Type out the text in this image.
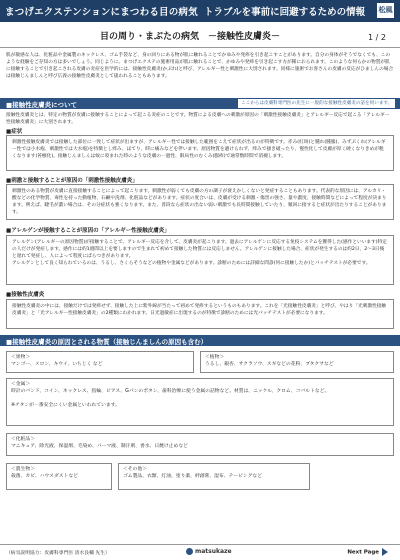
まつげエクステンションにまつわる目の病気 トラブルを事前に回避するための情報 松風
目の周り・まぶたの病気　－接触性皮膚炎－	1 / 2
肌が敏感な人は、化粧品や金属製のネックレス、ゴム手袋など、身の回りにある物が肌に触れることでかゆみや発疹を引き起こすことがあります。自分の身体がそうでなくても、このような経験をご存知の方は多いでしょう。同じように、まつげエクステの施術用品が肌に触れることで、かゆみや発疹を引き起こす方が稀におられます。このような何らかの物質が肌に接触することで引き起こされる皮膚の炎症を医学的には、接触性皮膚炎(かぶれ)と呼び、アレルギー性と刺激性に大別されます。同様に施術でお客さんの皮膚の反応がひましんの場合は接触じんましんと呼び広義の接触性皮膚炎として扱われることもあります。
■接触性皮膚炎について	ここからは皮膚科専門医の先生に一般的な接触性皮膚炎の話を伺います。
接触性皮膚炎とは、特定の物質が皮膚に接触することによって起こる炎症のことです。物質による皮膚への刺激が原因の「刺激性接触皮膚炎」とアレルギー反応で起こる「アレルギー性接触皮膚炎」に大別されます。
■症状
刺激性接触皮膚炎では接触した部位に一致して症状が出ますが、アレルギー性では接触した範囲をこえて症状が出るのが特徴です。赤み(紅斑)と腫れ(腫脹)、みずぶくれ(アレルギー性では小水疱、刺激性では大水疱)を特徴とし痒み、ほてり、時に痛みなどを伴います。原因物質を避けられず、痒みで掻き破ったり、慢性化して皮膚が厚く硬くなりきめが粗くなります(苔癬化)。接触じんましんは蚊に咬まれた時のような皮膚の一過性、限局性のむくみ(膨疹)で通常数時間で消褪します。
■刺激と接触することが原因の「刺激性接触皮膚炎」
刺激性のある物質が皮膚に直接接触することによって起こります。刺激性が弱くても皮膚の方の調子が衰えかしくないと発症することもあります。代表的な原因には、アルカリ・酸などの化学物質、毒性を持った動植物、石鹸や洗剤、化粧品などがあります。症状の度合いは、皮膚が受ける刺激・傷害の強さ、量や濃度、接触時間などによって程度が決まります。例えば、睫毛が濃い場合は、その分症状も強くなります。また、普段なら症状の出ない弱い刺激でも長時間接触していたり、頻回に接すると症状が出たりすることがあります。
■アレルゲンが接触することが原因の「アレルギー性接触皮膚炎」
アレルゲン(アレルギーの原因物質)が接触することで、アレルギー反応を介して、皮膚炎が起こります。過去にアレルゲンに反応する免疫システムを獲得した(感作といいます)特定の人だけが発症します。感作には約1週間以上を要しますので生まれて初めて接触した物質には反応しません。アレルゲンに接触した場合、症状が発生するのは約2日、2～3日後と遅れて発症し、人によって程度にばらつきがあります。
アレルゲンとして良く知られているのは、うるし、さくらそうなどの植物や金属などがあります。診断のためには詳細な問診(何に接触したか)とパッチテストが必要です。
■接触性皮膚炎
接触性皮膚炎の中には、接触だけでは発疹せず、接触した上に紫外線が当たって初めて発疹するというものもあります。これを「光接触性皮膚炎」と呼び、やはり「光刺激性接触皮膚炎」と「光アレルギー性接触皮膚炎」の2種類にわかれます。日光過敏症に出現するのが特徴で診断のためには光パッチテストが必要になります。
■接触性皮膚炎の原因とされる物質（接触じんましんの原因も含む）
＜果物＞
マンゴー、メロン、キウイ、いちじく など
＜植物＞
うるし、銀杏、サクラソウ、スギなどの花粉、ブタクサなど
＜金属＞
時計のバンド、コイン、ネックレス、指輪、ピアス、Gパンのボタン、歯科治療に使う金属の詰物など。材質は、ニッケル、クロム、コバルトなど。
※チタンが一番安全にくい金属といわれています。
＜化粧品＞
マニキュア、除光液、保湿剤、毛染め、パーマ液、制汗剤、香水、日焼け止めなど
＜農生物＞
殺菌、カビ、ハウスダストなど
＜その他＞
ゴム製品、衣類、灯油、塗り薬、絆創膏、湿布、テーピングなど
（病気説明協力：皮膚科専門医 清水良輔 先生）	matsukaze	Next Page
